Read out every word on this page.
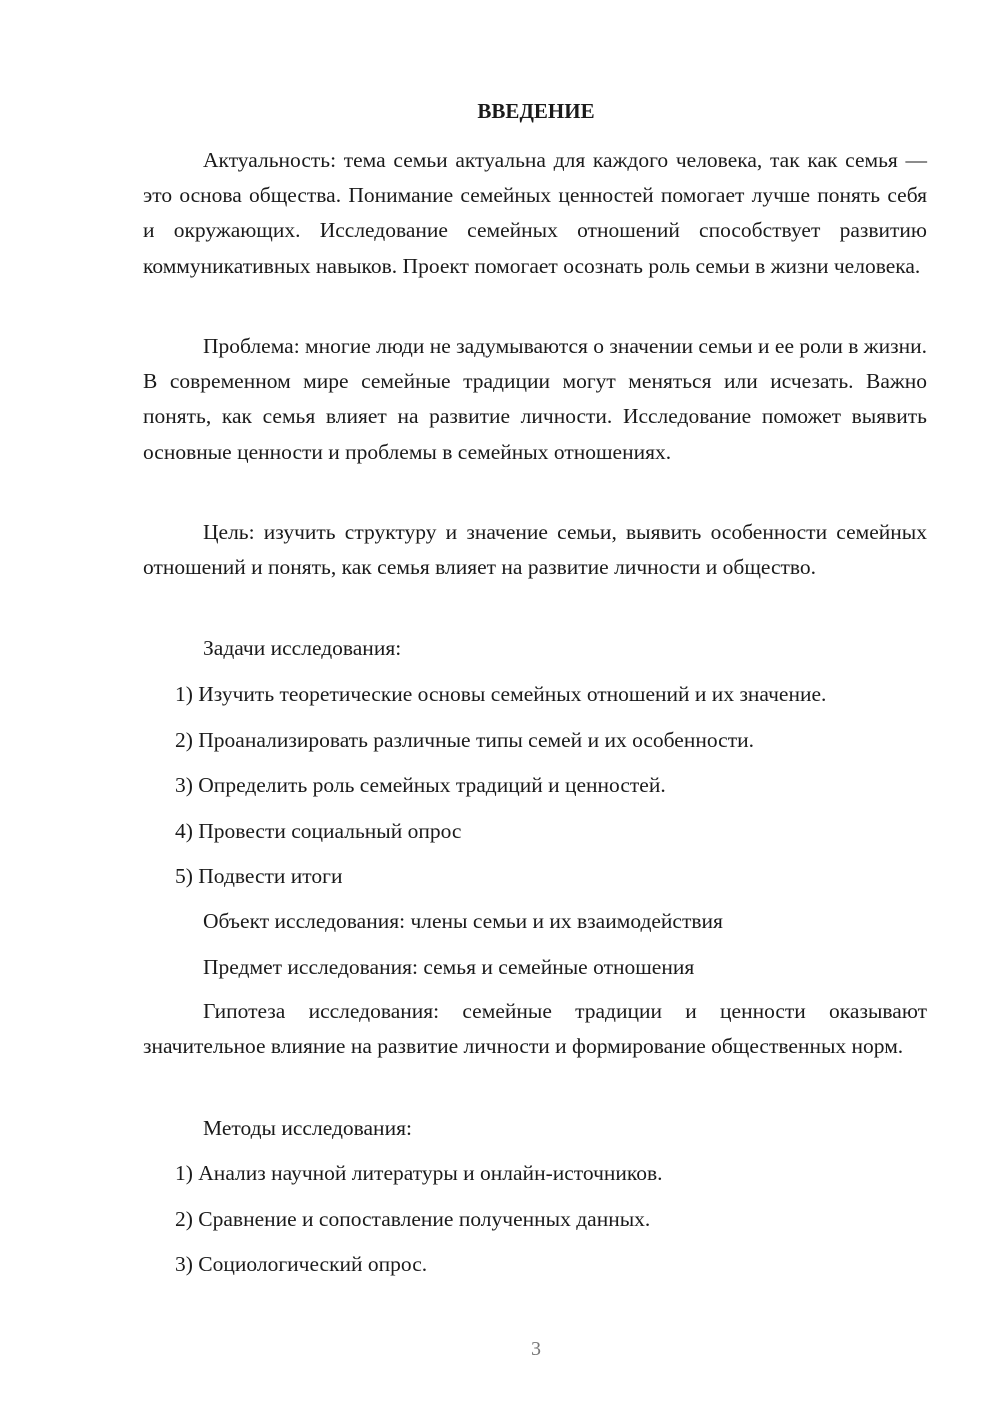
ВВЕДЕНИЕ

Актуальность: тема семьи актуальна для каждого человека, так как семья — это основа общества. Понимание семейных ценностей помогает лучше понять себя и окружающих. Исследование семейных отношений способствует развитию коммуникативных навыков. Проект помогает осознать роль семьи в жизни человека.

Проблема: многие люди не задумываются о значении семьи и ее роли в жизни. В современном мире семейные традиции могут меняться или исчезать. Важно понять, как семья влияет на развитие личности. Исследование поможет выявить основные ценности и проблемы в семейных отношениях.

Цель: изучить структуру и значение семьи, выявить особенности семейных отношений и понять, как семья влияет на развитие личности и общество.

Задачи исследования:

1) Изучить теоретические основы семейных отношений и их значение.

2) Проанализировать различные типы семей и их особенности.

3) Определить роль семейных традиций и ценностей.

4) Провести социальный опрос

5) Подвести итоги

Объект исследования: члены семьи и их взаимодействия

Предмет исследования: семья и семейные отношения

Гипотеза исследования: семейные традиции и ценности оказывают значительное влияние на развитие личности и формирование общественных норм.

Методы исследования:

1) Анализ научной литературы и онлайн-источников.

2) Сравнение и сопоставление полученных данных.

3) Социологический опрос.

3
